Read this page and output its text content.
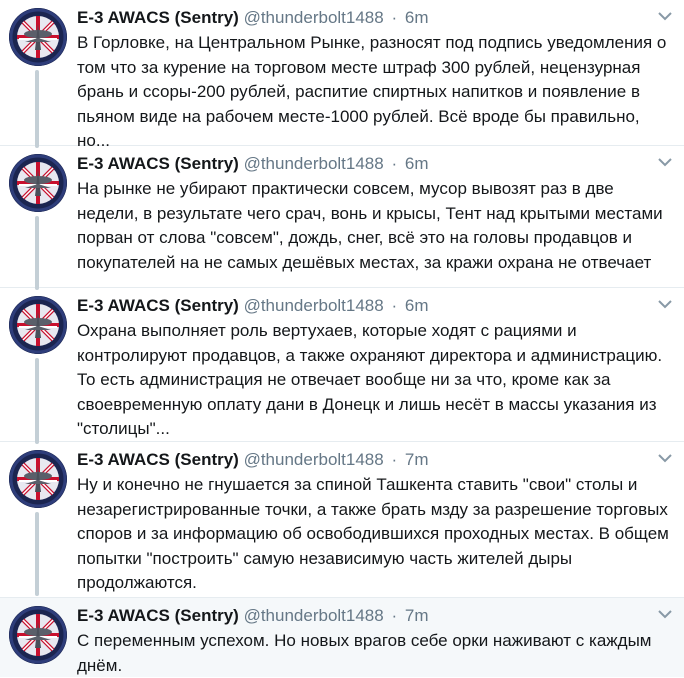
E-3 AWACS (Sentry) @thunderbolt1488 · 6m
В Горловке, на Центральном Рынке, разносят под подпись уведомления о том что за курение на торговом месте штраф 300 рублей, нецензурная брань и ссоры-200 рублей, распитие спиртных напитков и появление в пьяном виде на рабочем месте-1000 рублей. Всё вроде бы правильно, но...
E-3 AWACS (Sentry) @thunderbolt1488 · 6m
На рынке не убирают практически совсем, мусор вывозят раз в две недели, в результате чего срач, вонь и крысы, Тент над крытыми местами порван от слова "совсем", дождь, снег, всё это на головы продавцов и покупателей на не самых дешёвых местах, за кражи охрана не отвечает
E-3 AWACS (Sentry) @thunderbolt1488 · 6m
Охрана выполняет роль вертухаев, которые ходят с рациями и контролируют продавцов, а также охраняют директора и администрацию. То есть администрация не отвечает вообще ни за что, кроме как за своевременную оплату дани в Донецк и лишь несёт в массы указания из "столицы"...
E-3 AWACS (Sentry) @thunderbolt1488 · 7m
Ну и конечно не гнушается за спиной Ташкента ставить "свои" столы и незарегистрированные точки, а также брать мзду за разрешение торговых споров и за информацию об освободившихся проходных местах. В общем попытки "построить" самую независимую часть жителей дыры продолжаются.
E-3 AWACS (Sentry) @thunderbolt1488 · 7m
С переменным успехом. Но новых врагов себе орки наживают с каждым днём.
